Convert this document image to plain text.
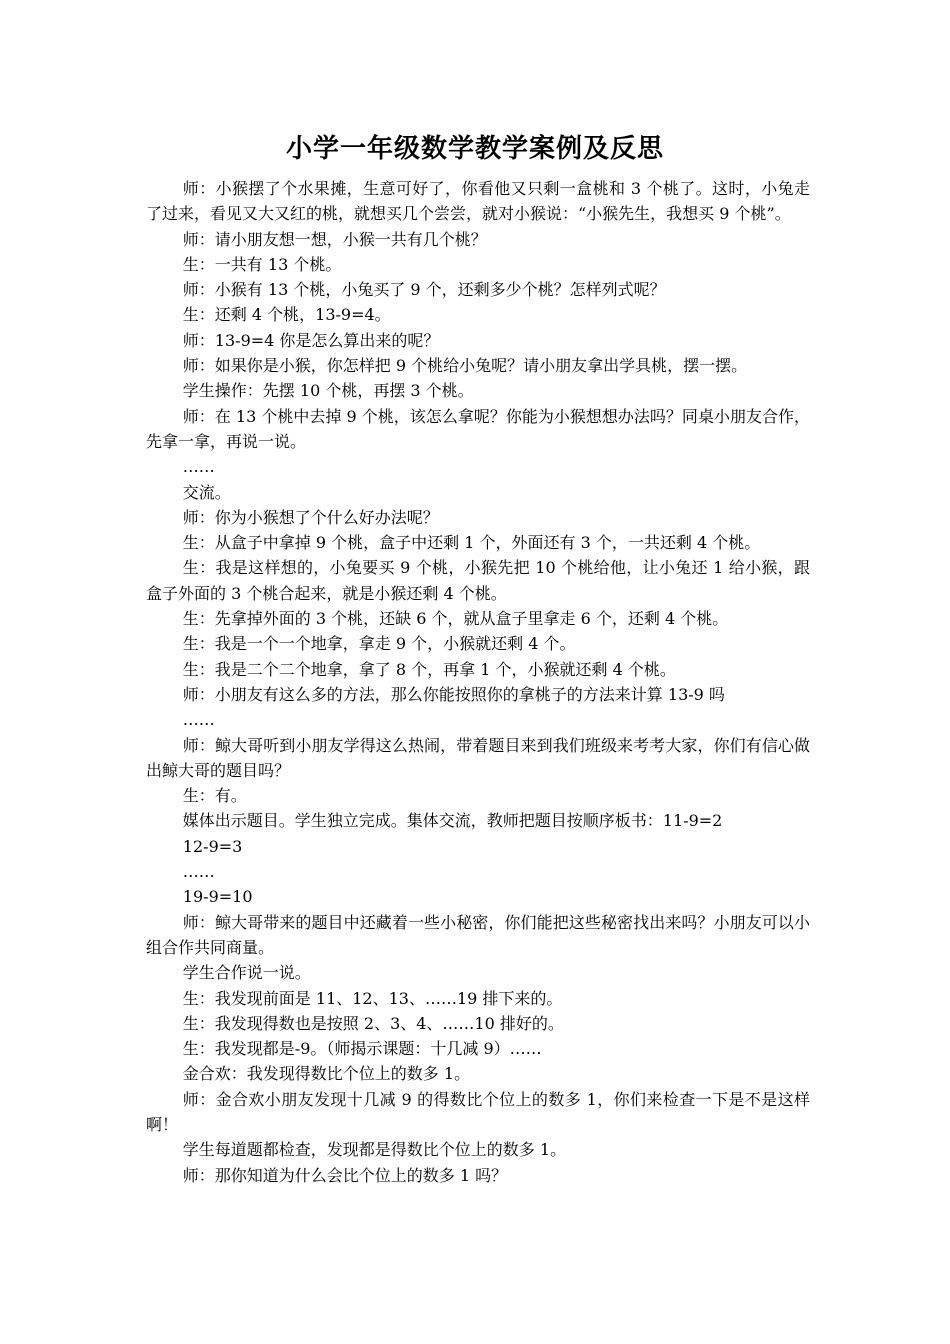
小学一年级数学教学案例及反思

师：小猴摆了个水果摊，生意可好了，你看他又只剩一盒桃和 3 个桃了。这时，小兔走了过来，看见又大又红的桃，就想买几个尝尝，就对小猴说：“小猴先生，我想买 9 个桃”。

师：请小朋友想一想，小猴一共有几个桃？

生：一共有 13 个桃。

师：小猴有 13 个桃，小兔买了 9 个，还剩多少个桃？怎样列式呢？

生：还剩 4 个桃，13-9=4。

师：13-9=4 你是怎么算出来的呢？

师：如果你是小猴，你怎样把 9 个桃给小兔呢？请小朋友拿出学具桃，摆一摆。

学生操作：先摆 10 个桃，再摆 3 个桃。

师：在 13 个桃中去掉 9 个桃，该怎么拿呢？你能为小猴想想办法吗？同桌小朋友合作，先拿一拿，再说一说。

……

交流。

师：你为小猴想了个什么好办法呢？

生：从盒子中拿掉 9 个桃，盒子中还剩 1 个，外面还有 3 个，一共还剩 4 个桃。

生：我是这样想的，小兔要买 9 个桃，小猴先把 10 个桃给他，让小兔还 1 给小猴，跟盒子外面的 3 个桃合起来，就是小猴还剩 4 个桃。

生：先拿掉外面的 3 个桃，还缺 6 个，就从盒子里拿走 6 个，还剩 4 个桃。

生：我是一个一个地拿，拿走 9 个，小猴就还剩 4 个。

生：我是二个二个地拿，拿了 8 个，再拿 1 个，小猴就还剩 4 个桃。

师：小朋友有这么多的方法，那么你能按照你的拿桃子的方法来计算 13-9 吗

……

师：鲸大哥听到小朋友学得这么热闹，带着题目来到我们班级来考考大家，你们有信心做出鲸大哥的题目吗？

生：有。

媒体出示题目。学生独立完成。集体交流，教师把题目按顺序板书：11-9=2

12-9=3

……

19-9=10

师：鲸大哥带来的题目中还藏着一些小秘密，你们能把这些秘密找出来吗？小朋友可以小组合作共同商量。

学生合作说一说。

生：我发现前面是 11、12、13、……19 排下来的。

生：我发现得数也是按照 2、3、4、……10 排好的。

生：我发现都是-9。（师揭示课题：十几减 9）……

金合欢：我发现得数比个位上的数多 1。

师：金合欢小朋友发现十几减 9 的得数比个位上的数多 1，你们来检查一下是不是这样啊！

学生每道题都检查，发现都是得数比个位上的数多 1。

师：那你知道为什么会比个位上的数多 1 吗？
